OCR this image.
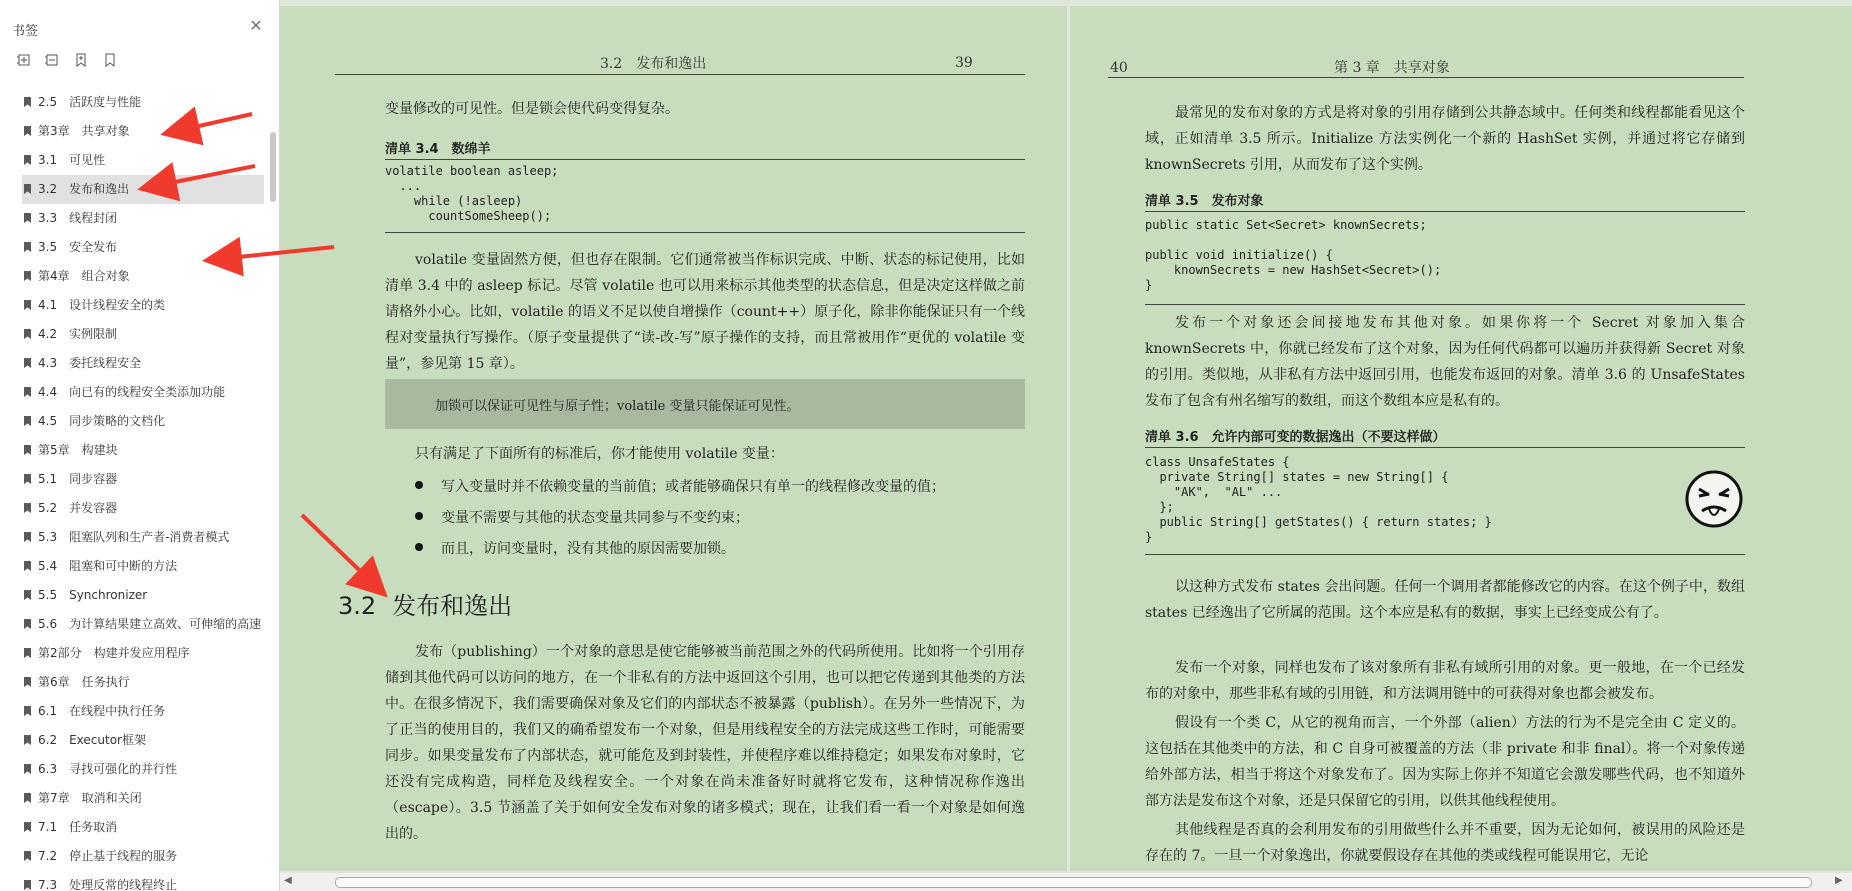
书签	✕
2.5　活跃度与性能
第3章　共享对象
3.1　可见性
3.2　发布和逸出
3.3　线程封闭
3.5　安全发布
第4章　组合对象
4.1　设计线程安全的类
4.2　实例限制
4.3　委托线程安全
4.4　向已有的线程安全类添加功能
4.5　同步策略的文档化
第5章　构建块
5.1　同步容器
5.2　并发容器
5.3　阻塞队列和生产者-消费者模式
5.4　阻塞和可中断的方法
5.5　Synchronizer
5.6　为计算结果建立高效、可伸缩的高速
第2部分　构建并发应用程序
第6章　任务执行
6.1　在线程中执行任务
6.2　Executor框架
6.3　寻找可强化的并行性
第7章　取消和关闭
7.1　任务取消
7.2　停止基于线程的服务
7.3　处理反常的线程终止
3.2　发布和逸出	39

变量修改的可见性。但是锁会使代码变得复杂。

清单 3.4　数绵羊
volatile boolean asleep;
...
while (!asleep)
countSomeSheep();

volatile 变量固然方便，但也存在限制。它们通常被当作标识完成、中断、状态的标记使用，比如清单 3.4 中的 asleep 标记。尽管 volatile 也可以用来标示其他类型的状态信息，但是决定这样做之前请格外小心。比如，volatile 的语义不足以使自增操作（count++）原子化，除非你能保证只有一个线程对变量执行写操作。（原子变量提供了“读-改-写”原子操作的支持，而且常被用作“更优的 volatile 变量”，参见第 15 章）。

加锁可以保证可见性与原子性；volatile 变量只能保证可见性。

只有满足了下面所有的标准后，你才能使用 volatile 变量：

写入变量时并不依赖变量的当前值；或者能够确保只有单一的线程修改变量的值；
变量不需要与其他的状态变量共同参与不变约束；
而且，访问变量时，没有其他的原因需要加锁。
3.2 发布和逸出

发布（publishing）一个对象的意思是使它能够被当前范围之外的代码所使用。比如将一个引用存储到其他代码可以访问的地方，在一个非私有的方法中返回这个引用，也可以把它传递到其他类的方法中。在很多情况下，我们需要确保对象及它们的内部状态不被暴露（publish）。在另外一些情况下，为了正当的使用目的，我们又的确希望发布一个对象，但是用线程安全的方法完成这些工作时，可能需要同步。如果变量发布了内部状态，就可能危及到封装性，并使程序难以维持稳定；如果发布对象时，它还没有完成构造，同样危及线程安全。一个对象在尚未准备好时就将它发布，这种情况称作逸出（escape）。3.5 节涵盖了关于如何安全发布对象的诸多模式；现在，让我们看一看一个对象是如何逸出的。

40	第 3 章　共享对象

最常见的发布对象的方式是将对象的引用存储到公共静态域中。任何类和线程都能看见这个域，正如清单 3.5 所示。Initialize 方法实例化一个新的 HashSet 实例，并通过将它存储到 knownSecrets 引用，从而发布了这个实例。

清单 3.5　发布对象
public static Set<Secret> knownSecrets;

public void initialize() {
knownSecrets = new HashSet<Secret>();
}

发布一个对象还会间接地发布其他对象。如果你将一个 Secret 对象加入集合 knownSecrets 中，你就已经发布了这个对象，因为任何代码都可以遍历并获得新 Secret 对象的引用。类似地，从非私有方法中返回引用，也能发布返回的对象。清单 3.6 的 UnsafeStates 发布了包含有州名缩写的数组，而这个数组本应是私有的。

清单 3.6　允许内部可变的数据逸出（不要这样做）
class UnsafeStates {
private String[] states = new String[] {
"AK",  "AL" ...
};
public String[] getStates() { return states; }
}

以这种方式发布 states 会出问题。任何一个调用者都能修改它的内容。在这个例子中，数组 states 已经逸出了它所属的范围。这个本应是私有的数据，事实上已经变成公有了。

发布一个对象，同样也发布了该对象所有非私有域所引用的对象。更一般地，在一个已经发布的对象中，那些非私有域的引用链，和方法调用链中的可获得对象也都会被发布。

假设有一个类 C，从它的视角而言，一个外部（alien）方法的行为不是完全由 C 定义的。这包括在其他类中的方法，和 C 自身可被覆盖的方法（非 private 和非 final）。将一个对象传递给外部方法，相当于将这个对象发布了。因为实际上你并不知道它会激发哪些代码，也不知道外部方法是发布这个对象，还是只保留它的引用，以供其他线程使用。

其他线程是否真的会利用发布的引用做些什么并不重要，因为无论如何，被误用的风险还是存在的 7。一旦一个对象逸出，你就要假设存在其他的类或线程可能误用它，无论

◀	▶
